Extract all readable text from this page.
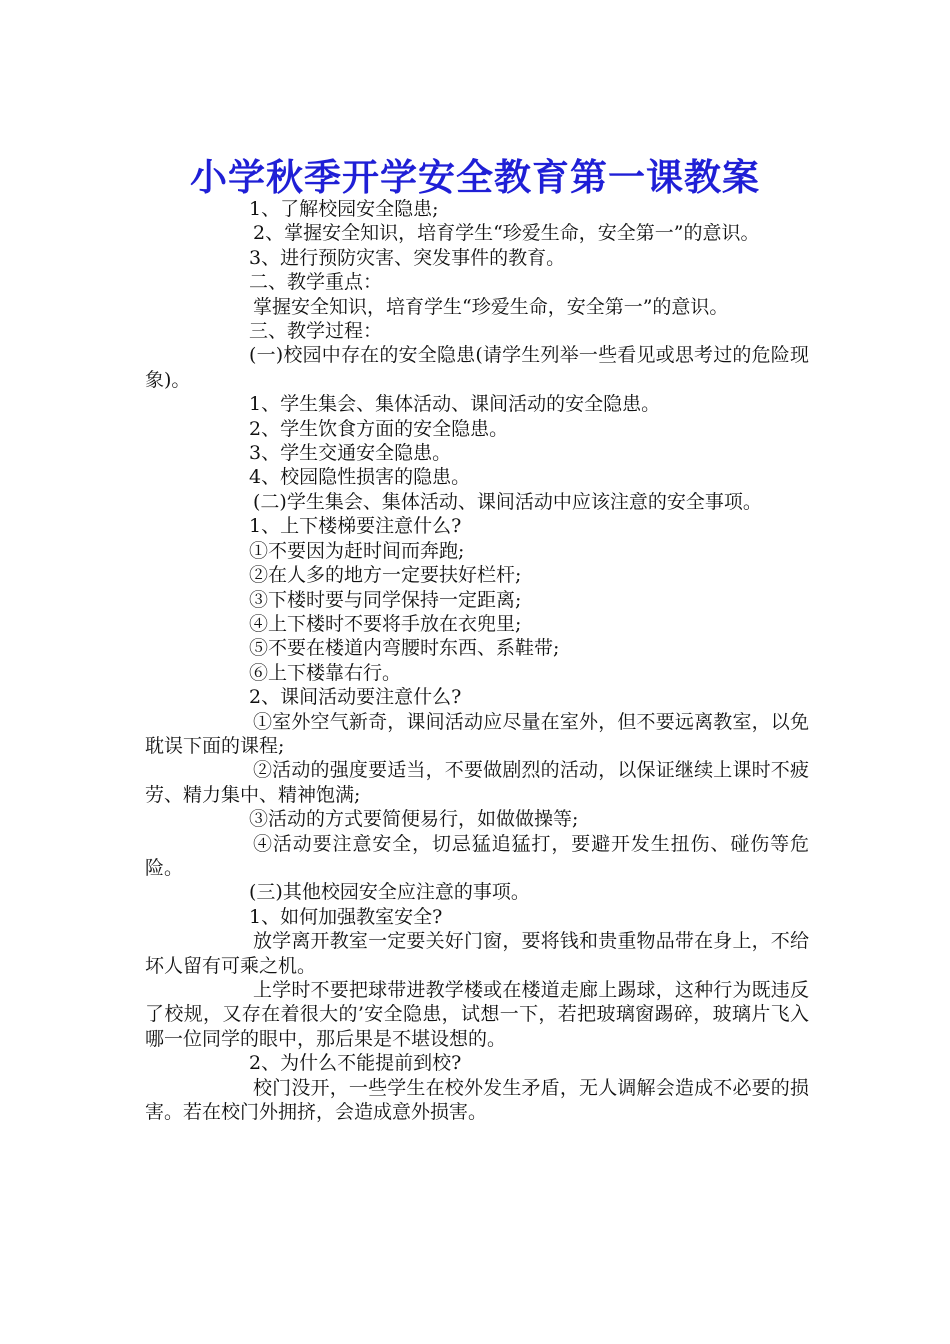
小学秋季开学安全教育第一课教案

1、了解校园安全隐患;

2、掌握安全知识，培育学生“珍爱生命，安全第一”的意识。

3、进行预防灾害、突发事件的教育。

二、教学重点：

掌握安全知识，培育学生“珍爱生命，安全第一”的意识。

三、教学过程：

(一)校园中存在的安全隐患(请学生列举一些看见或思考过的危险现象)。

1、学生集会、集体活动、课间活动的安全隐患。

2、学生饮食方面的安全隐患。

3、学生交通安全隐患。

4、校园隐性损害的隐患。

(二)学生集会、集体活动、课间活动中应该注意的安全事项。

1、上下楼梯要注意什么?

①不要因为赶时间而奔跑;

②在人多的地方一定要扶好栏杆;

③下楼时要与同学保持一定距离;

④上下楼时不要将手放在衣兜里;

⑤不要在楼道内弯腰时东西、系鞋带;

⑥上下楼靠右行。

2、课间活动要注意什么?

①室外空气新奇，课间活动应尽量在室外，但不要远离教室，以免耽误下面的课程;

②活动的强度要适当，不要做剧烈的活动，以保证继续上课时不疲劳、精力集中、精神饱满;

③活动的方式要简便易行，如做做操等;

④活动要注意安全，切忌猛追猛打，要避开发生扭伤、碰伤等危险。

(三)其他校园安全应注意的事项。

1、如何加强教室安全?

放学离开教室一定要关好门窗，要将钱和贵重物品带在身上，不给坏人留有可乘之机。

上学时不要把球带进教学楼或在楼道走廊上踢球，这种行为既违反了校规，又存在着很大的’安全隐患，试想一下，若把玻璃窗踢碎，玻璃片飞入哪一位同学的眼中，那后果是不堪设想的。

2、为什么不能提前到校?

校门没开，一些学生在校外发生矛盾，无人调解会造成不必要的损害。若在校门外拥挤，会造成意外损害。
